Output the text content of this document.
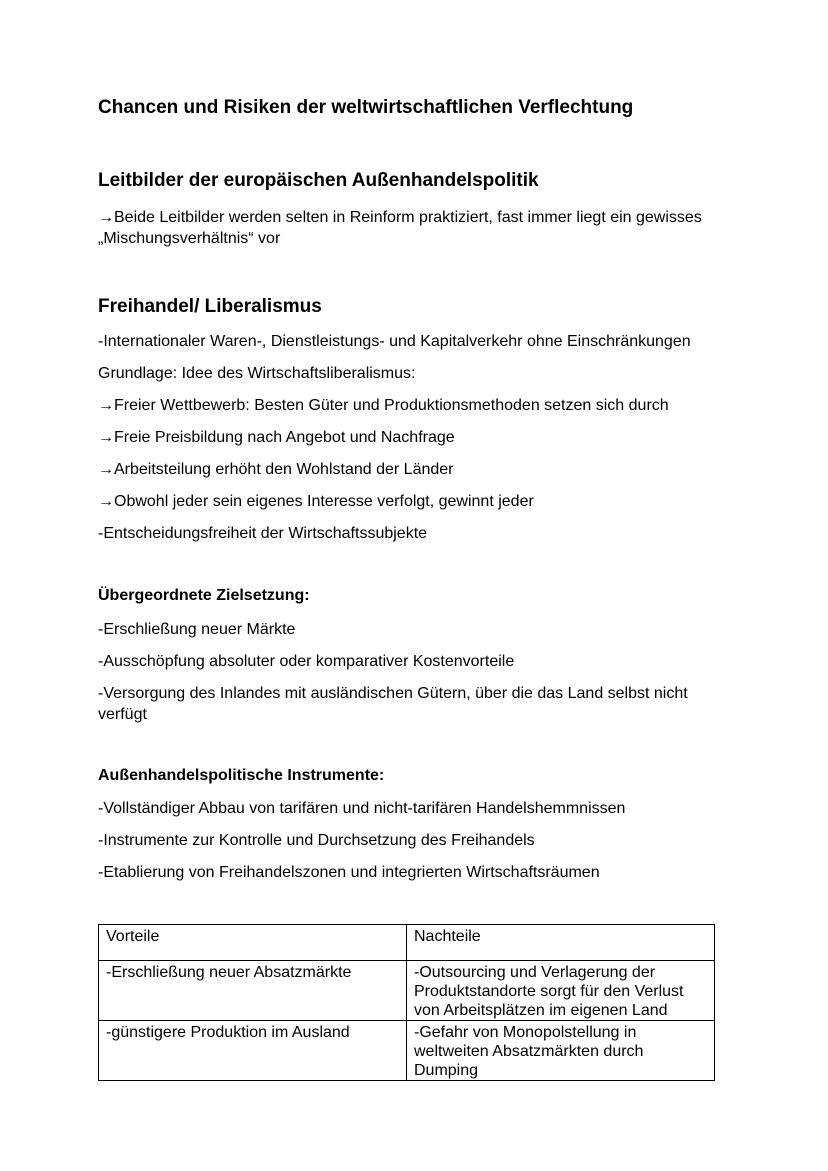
Chancen und Risiken der weltwirtschaftlichen Verflechtung
Leitbilder der europäischen Außenhandelspolitik
→Beide Leitbilder werden selten in Reinform praktiziert, fast immer liegt ein gewisses „Mischungsverhältnis“ vor
Freihandel/ Liberalismus
-Internationaler Waren-, Dienstleistungs- und Kapitalverkehr ohne Einschränkungen
Grundlage: Idee des Wirtschaftsliberalismus:
→Freier Wettbewerb: Besten Güter und Produktionsmethoden setzen sich durch
→Freie Preisbildung nach Angebot und Nachfrage
→Arbeitsteilung erhöht den Wohlstand der Länder
→Obwohl jeder sein eigenes Interesse verfolgt, gewinnt jeder
-Entscheidungsfreiheit der Wirtschaftssubjekte
Übergeordnete Zielsetzung:
-Erschließung neuer Märkte
-Ausschöpfung absoluter oder komparativer Kostenvorteile
-Versorgung des Inlandes mit ausländischen Gütern, über die das Land selbst nicht verfügt
Außenhandelspolitische Instrumente:
-Vollständiger Abbau von tarifären und nicht-tarifären Handelshemmnissen
-Instrumente zur Kontrolle und Durchsetzung des Freihandels
-Etablierung von Freihandelszonen und integrierten Wirtschaftsräumen
Vorteile	Nachteile
-Erschließung neuer Absatzmärkte	-Outsourcing und Verlagerung der Produktstandorte sorgt für den Verlust von Arbeitsplätzen im eigenen Land
-günstigere Produktion im Ausland	-Gefahr von Monopolstellung in weltweiten Absatzmärkten durch Dumping
